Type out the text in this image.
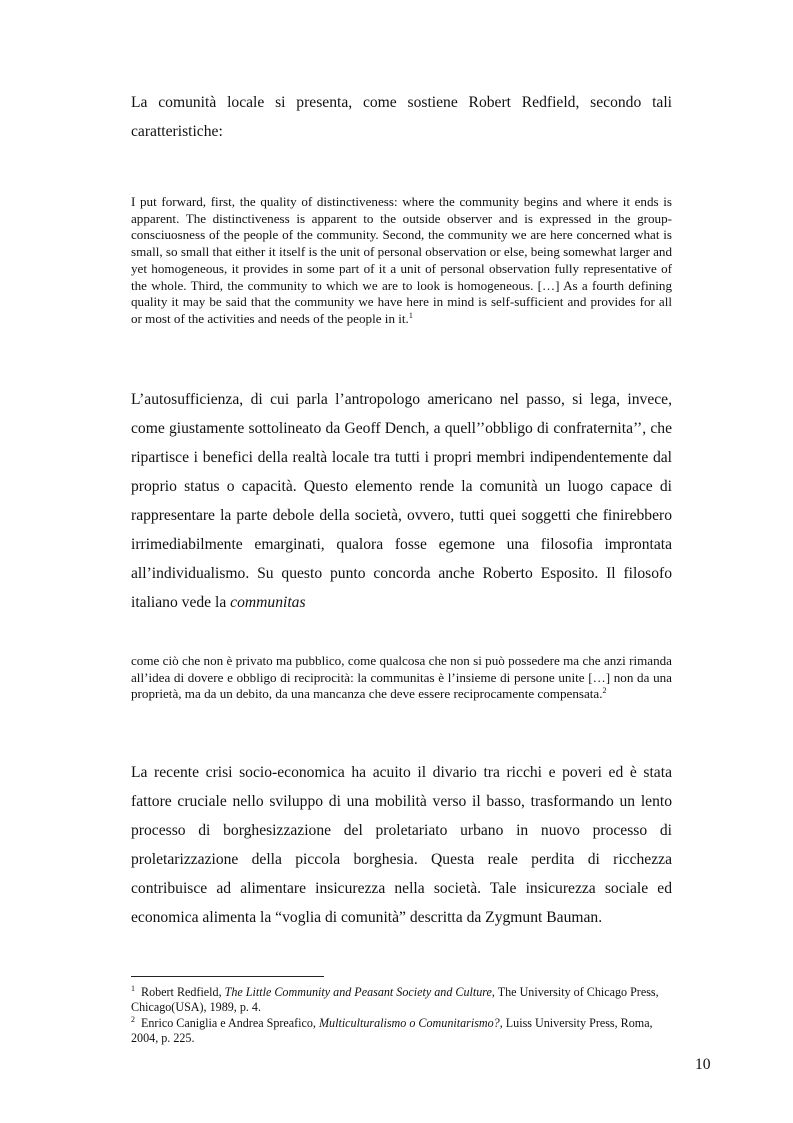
La comunità locale si presenta, come sostiene Robert Redfield, secondo tali caratteristiche:

I put forward, first, the quality of distinctiveness: where the community begins and where it ends is apparent. The distinctiveness is apparent to the outside observer and is expressed in the group-consciuosness of the people of the community. Second, the community we are here concerned what is small, so small that either it itself is the unit of personal observation or else, being somewhat larger and yet homogeneous, it provides in some part of it a unit of personal observation fully representative of the whole. Third, the community to which we are to look is homogeneous. […] As a fourth defining quality it may be said that the community we have here in mind is self-sufficient and provides for all or most of the activities and needs of the people in it.$^1$

L’autosufficienza, di cui parla l’antropologo americano nel passo, si lega, invece, come giustamente sottolineato da Geoff Dench, a quell’’obbligo di confraternita’’, che ripartisce i benefici della realtà locale tra tutti i propri membri indipendentemente dal proprio status o capacità. Questo elemento rende la comunità un luogo capace di rappresentare la parte debole della società, ovvero, tutti quei soggetti che finirebbero irrimediabilmente emarginati, qualora fosse egemone una filosofia improntata all’individualismo. Su questo punto concorda anche Roberto Esposito. Il filosofo italiano vede la communitas

come ciò che non è privato ma pubblico, come qualcosa che non si può possedere ma che anzi rimanda all’idea di dovere e obbligo di reciprocità: la communitas è l’insieme di persone unite […] non da una proprietà, ma da un debito, da una mancanza che deve essere reciprocamente compensata.$^2$

La recente crisi socio-economica ha acuito il divario tra ricchi e poveri ed è stata fattore cruciale nello sviluppo di una mobilità verso il basso, trasformando un lento processo di borghesizzazione del proletariato urbano in nuovo processo di proletarizzazione della piccola borghesia. Questa reale perdita di ricchezza contribuisce ad alimentare insicurezza nella società. Tale insicurezza sociale ed economica alimenta la “voglia di comunità” descritta da Zygmunt Bauman.

$^1$ Robert Redfield, The Little Community and Peasant Society and Culture, The University of Chicago Press, Chicago(USA), 1989, p. 4.

$^2$ Enrico Caniglia e Andrea Spreafico, Multiculturalismo o Comunitarismo?, Luiss University Press, Roma, 2004, p. 225.

10
